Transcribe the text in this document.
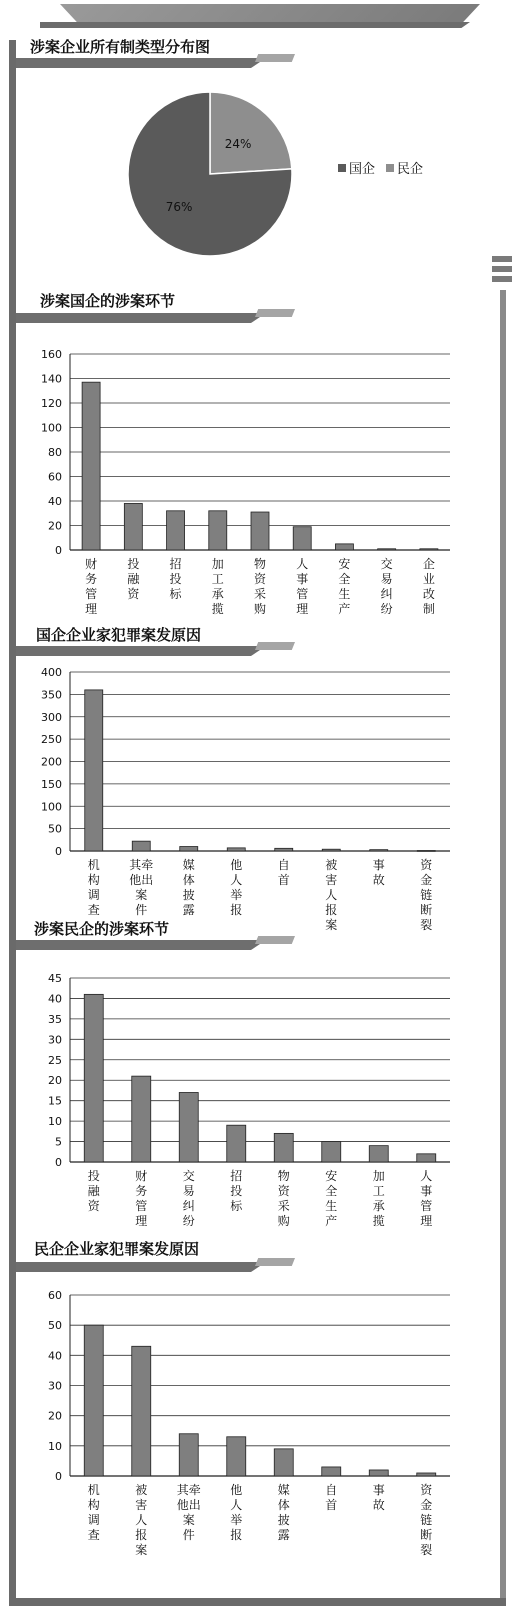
涉案企业所有制类型分布图
涉案国企的涉案环节
国企企业家犯罪案发原因
涉案民企的涉案环节
民企企业家犯罪案发原因
24%
76%
国企 民企
0
20
40
60
80
100
120
140
160
财务管理
投融资
招投标
加工承揽
物资采购
人事管理
安全生产
交易纠纷
企业改制
0
50
100
150
200
250
300
350
400
机构调查
其牵他出案件
媒体披露
他人举报
自首
被害人报案
事故
资金链断裂
0
5
10
15
20
25
30
35
40
45
投融资
财务管理
交易纠纷
招投标
物资采购
安全生产
加工承揽
人事管理
0
10
20
30
40
50
60
机构调查
被害人报案
其牵他出案件
他人举报
媒体披露
自首
事故
资金链断裂
